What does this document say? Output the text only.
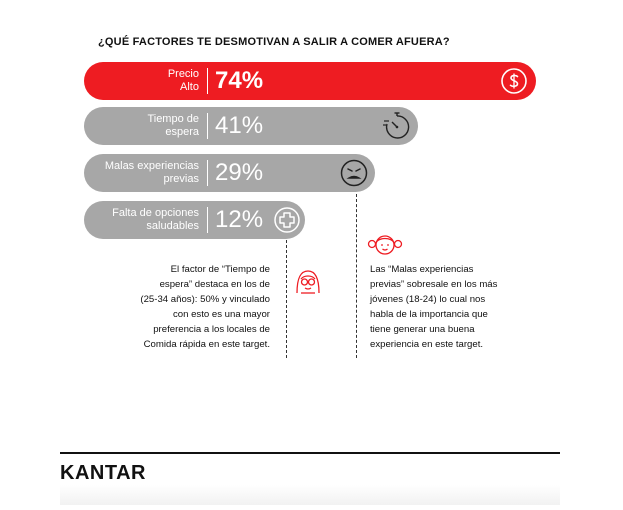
¿QUÉ FACTORES TE DESMOTIVAN A SALIR A COMER AFUERA?
Precio
Alto 74%
Tiempo de
espera 41%
Malas experiencias
previas 29%
Falta de opciones
saludables 12%
El factor de “Tiempo de
espera” destaca en los de
(25-34 años): 50% y vinculado
con esto es una mayor
preferencia a los locales de
Comida rápida en este target.
Las “Malas experiencias
previas” sobresale en los más
jóvenes (18-24) lo cual nos
habla de la importancia que
tiene generar una buena
experiencia en este target.
KANTAR
